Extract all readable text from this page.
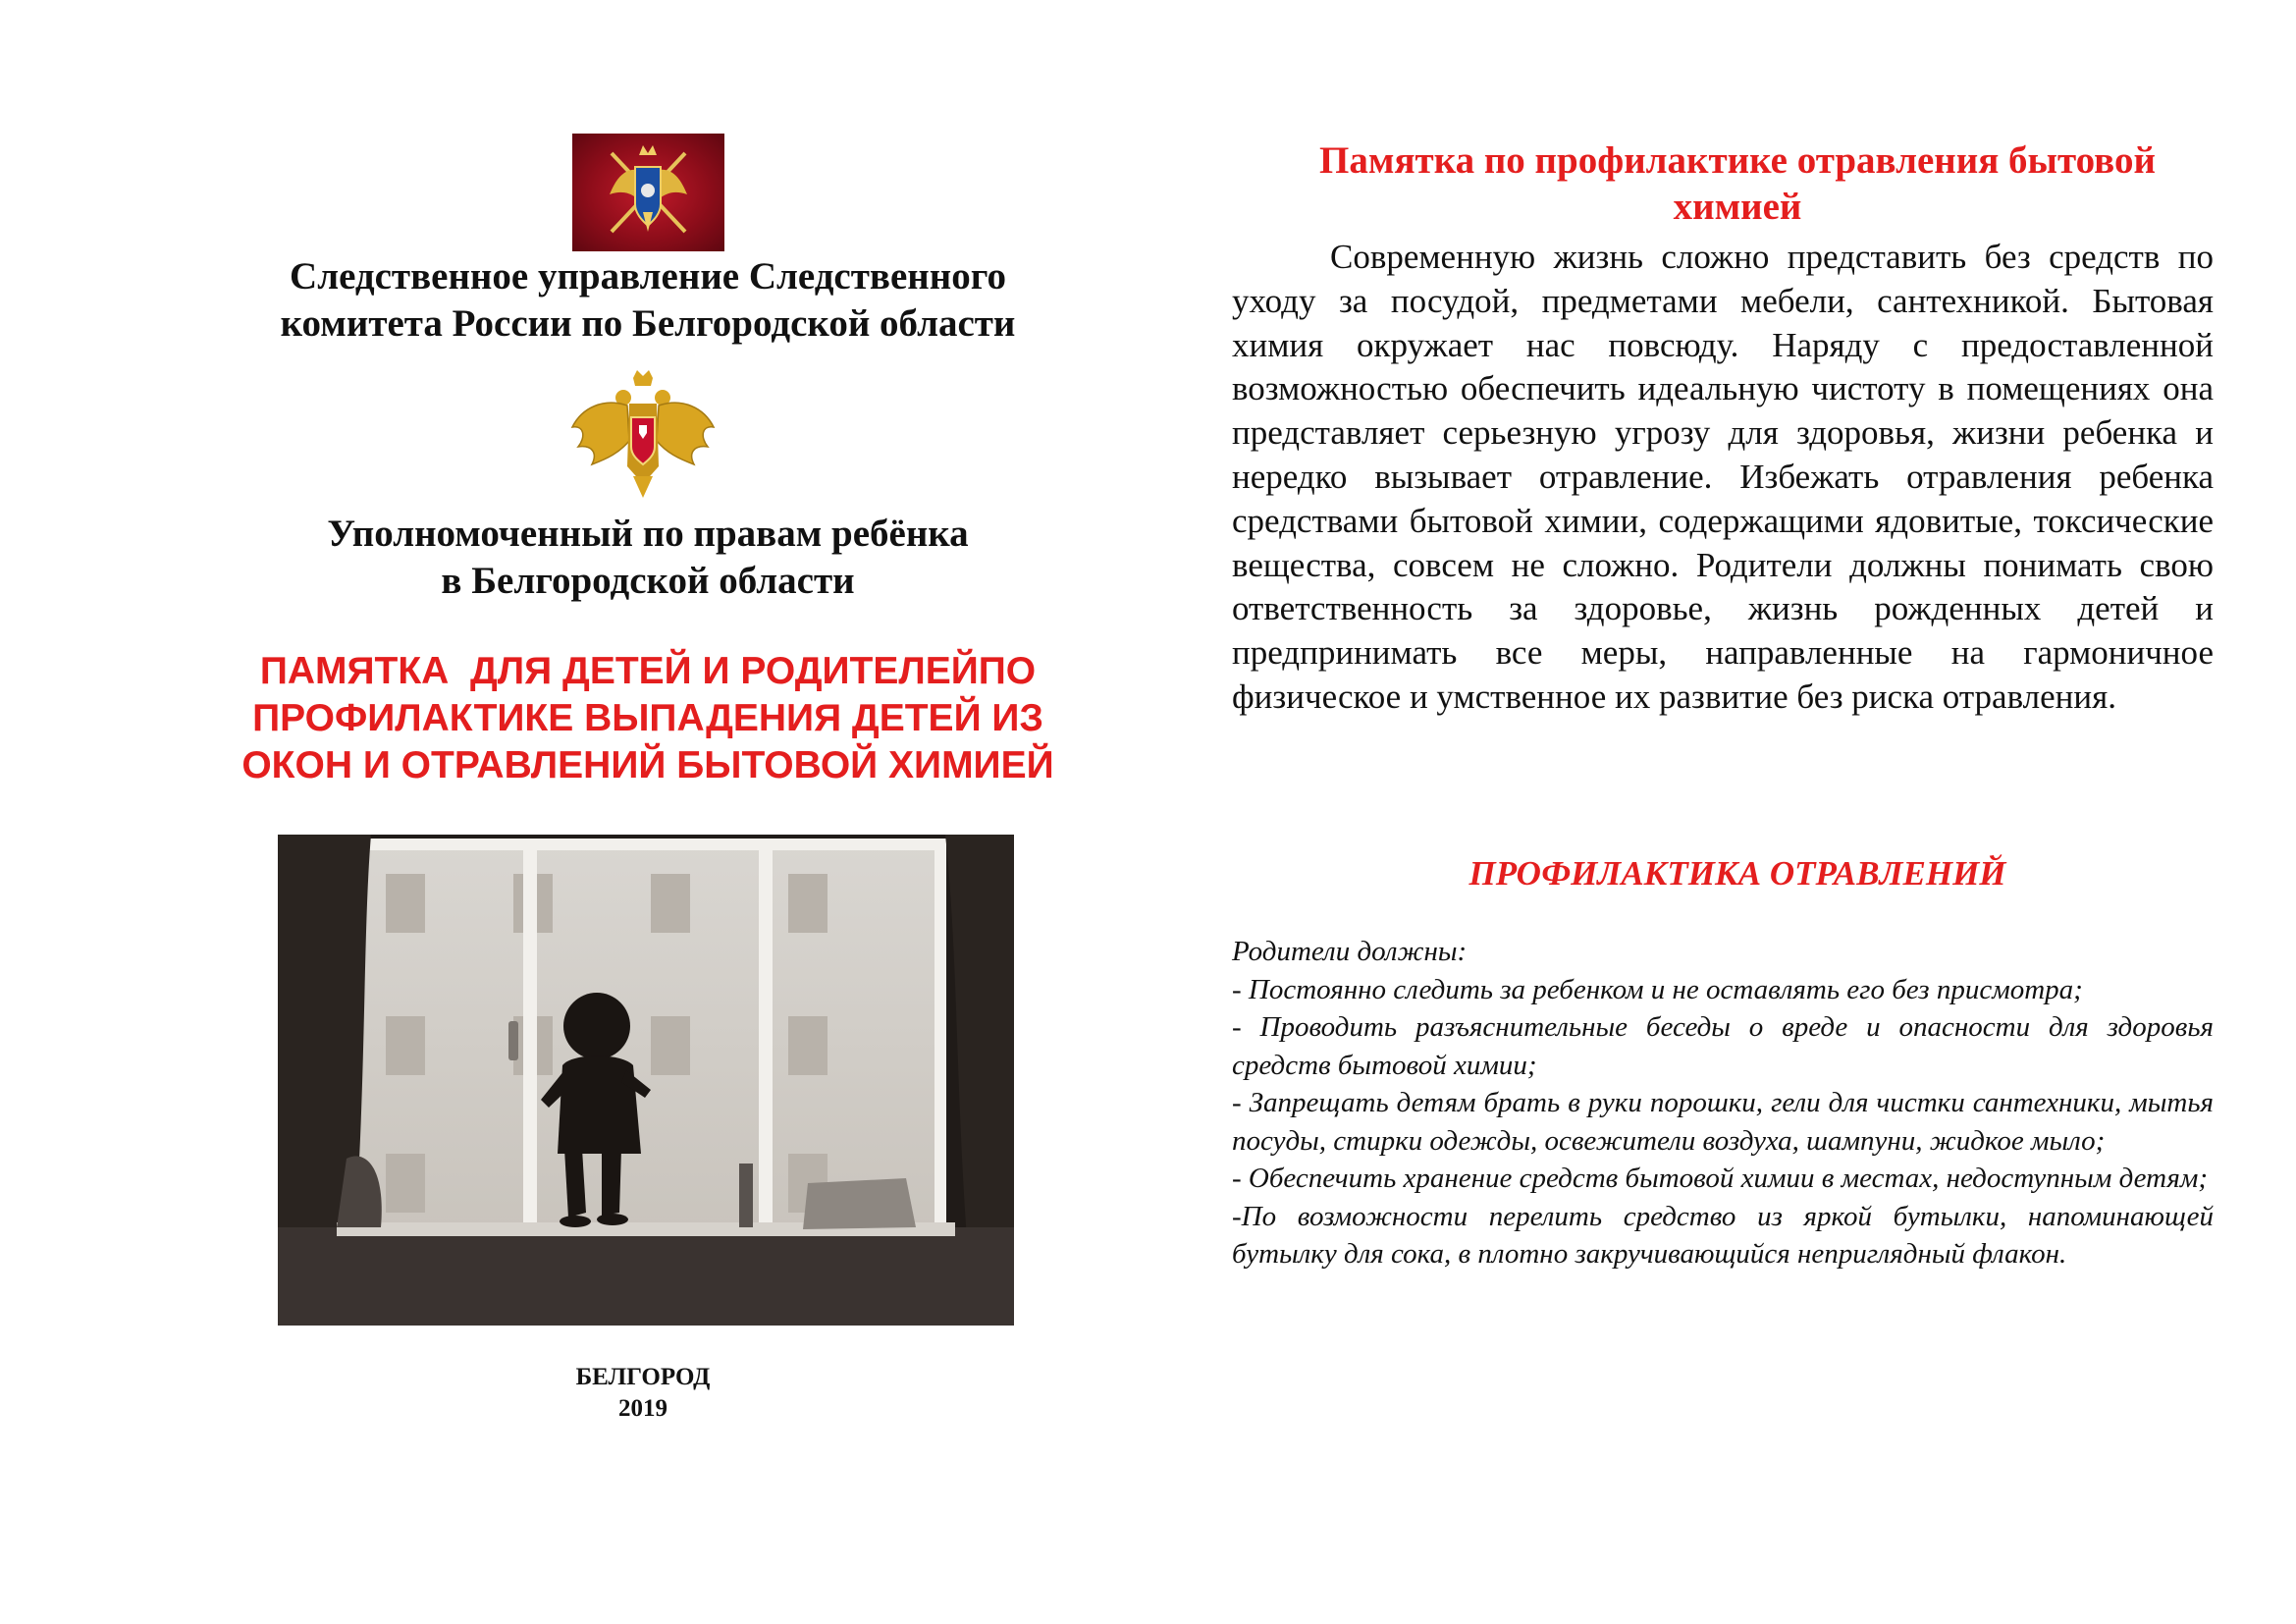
Следственное управление Следственного
комитета России по Белгородской области
Уполномоченный по правам ребёнка
в Белгородской области
ПАМЯТКА  ДЛЯ ДЕТЕЙ И РОДИТЕЛЕЙПО
ПРОФИЛАКТИКЕ ВЫПАДЕНИЯ ДЕТЕЙ ИЗ
ОКОН И ОТРАВЛЕНИЙ БЫТОВОЙ ХИМИЕЙ
БЕЛГОРОД
2019
Памятка по профилактике отравления бытовой
химией

Современную жизнь сложно представить без средств по уходу за посудой, предметами мебели, сантехникой. Бытовая химия окружает нас повсюду. Наряду с предоставленной возможностью обеспечить идеальную чистоту в помещениях она представляет серьезную угрозу для здоровья, жизни ребенка и нередко вызывает отравление. Избежать отравления ребенка средствами бытовой химии, содержащими ядовитые, токсические вещества, совсем не сложно. Родители должны понимать свою ответственность за здоровье, жизнь рожденных детей и предпринимать все меры, направленные на гармоничное физическое и умственное их развитие без риска отравления.

ПРОФИЛАКТИКА ОТРАВЛЕНИЙ
Родители должны:
- Постоянно следить за ребенком и не оставлять его без присмотра;
- Проводить разъяснительные беседы о вреде и опасности для здоровья средств бытовой химии;
- Запрещать детям брать в руки порошки, гели для чистки сантехники, мытья посуды, стирки одежды, освежители воздуха, шампуни, жидкое мыло;
- Обеспечить хранение средств бытовой химии в местах, недоступным детям;
-По возможности перелить средство из яркой бутылки, напоминающей бутылку для сока, в плотно закручивающийся неприглядный флакон.
